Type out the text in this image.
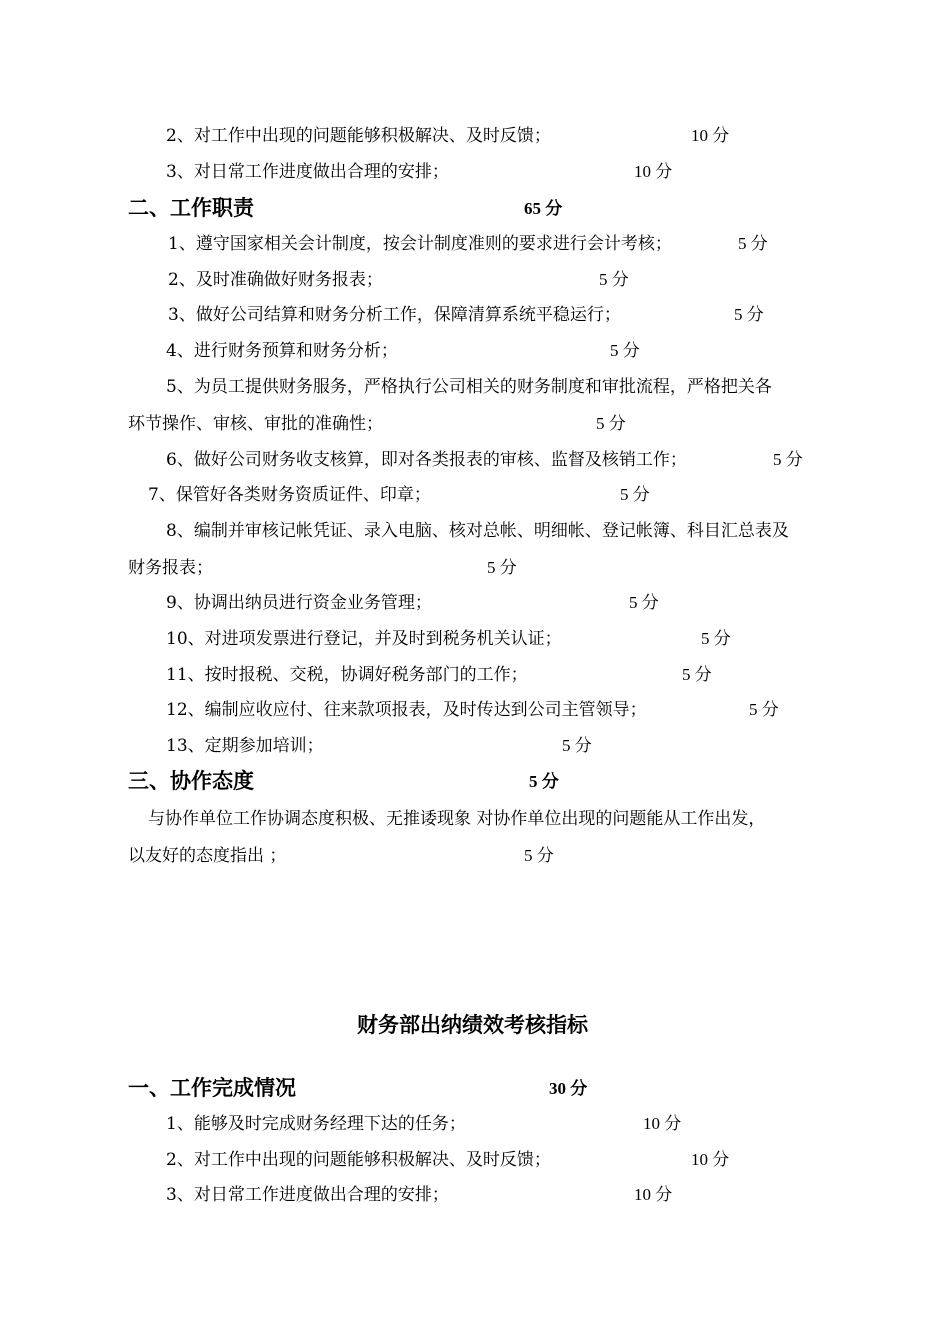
2、对工作中出现的问题能够积极解决、及时反馈；	10 分
3、对日常工作进度做出合理的安排；	10 分
二、工作职责	65 分
1、遵守国家相关会计制度，按会计制度准则的要求进行会计考核；	5 分
2、及时准确做好财务报表；	5 分
3、做好公司结算和财务分析工作，保障清算系统平稳运行；	5 分
4、进行财务预算和财务分析；	5 分
5、为员工提供财务服务，严格执行公司相关的财务制度和审批流程，严格把关各
环节操作、审核、审批的准确性；	5 分
6、做好公司财务收支核算，即对各类报表的审核、监督及核销工作；	5 分
7、保管好各类财务资质证件、印章；	5 分
8、编制并审核记帐凭证、录入电脑、核对总帐、明细帐、登记帐簿、科目汇总表及
财务报表；	5 分
9、协调出纳员进行资金业务管理；	5 分
10、对进项发票进行登记，并及时到税务机关认证；	5 分
11、按时报税、交税，协调好税务部门的工作；	5 分
12、编制应收应付、往来款项报表，及时传达到公司主管领导；	5 分
13、定期参加培训；	5 分
三、协作态度	5 分
与协作单位工作协调态度积极、无推诿现象 对协作单位出现的问题能从工作出发，
以友好的态度指出 ；	5 分
财务部出纳绩效考核指标
一、工作完成情况	30 分
1、能够及时完成财务经理下达的任务；	10 分
2、对工作中出现的问题能够积极解决、及时反馈；	10 分
3、对日常工作进度做出合理的安排；	10 分
